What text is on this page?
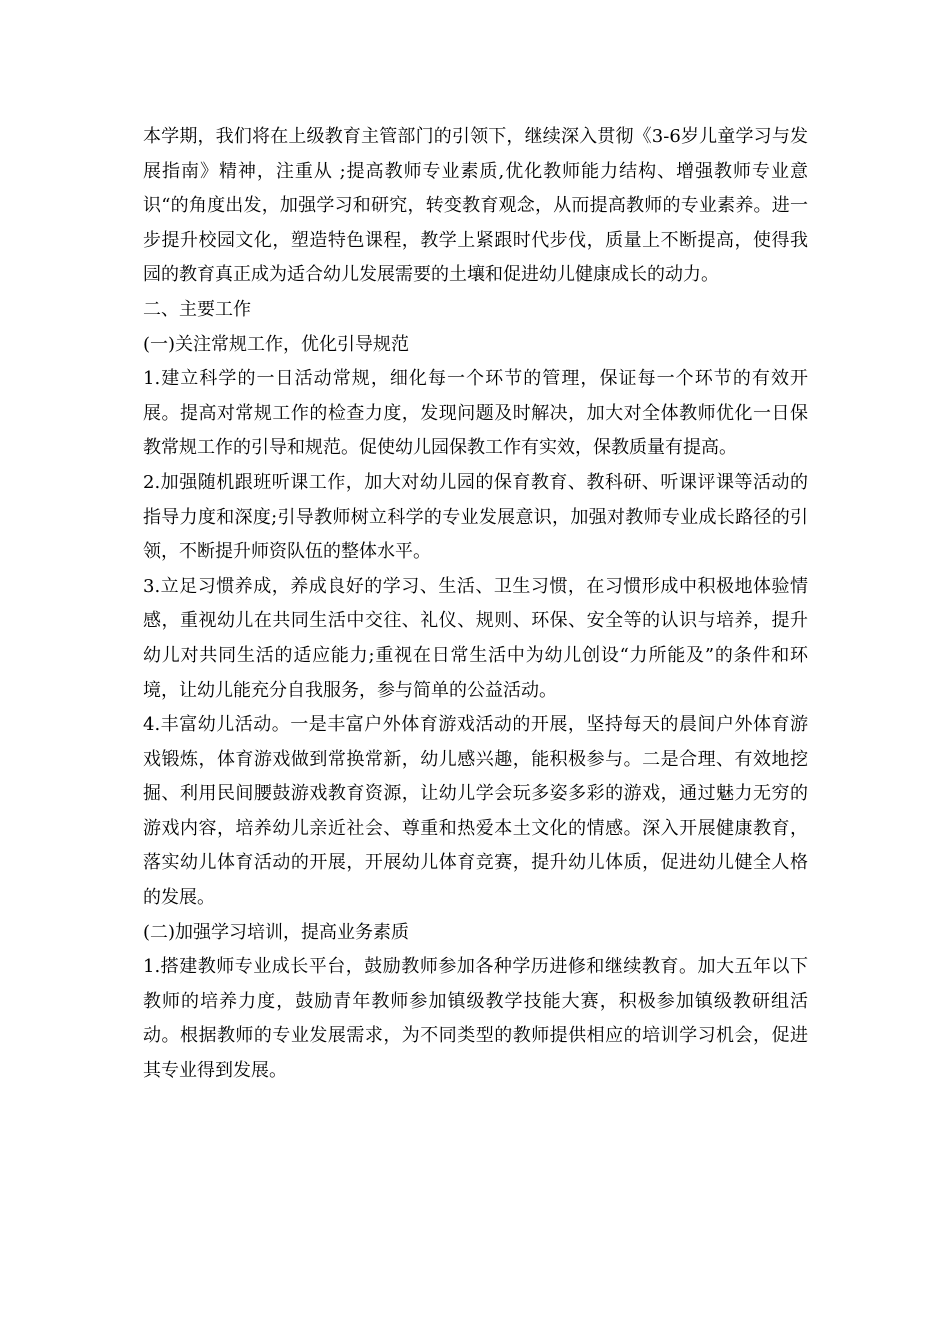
本学期，我们将在上级教育主管部门的引领下，继续深入贯彻《3-6岁儿童学习与发展指南》精神，注重从 ;提高教师专业素质,优化教师能力结构、增强教师专业意识“的角度出发，加强学习和研究，转变教育观念，从而提高教师的专业素养。进一步提升校园文化，塑造特色课程，教学上紧跟时代步伐，质量上不断提高，使得我园的教育真正成为适合幼儿发展需要的土壤和促进幼儿健康成长的动力。

二、主要工作

(一)关注常规工作，优化引导规范

1.建立科学的一日活动常规，细化每一个环节的管理，保证每一个环节的有效开展。提高对常规工作的检查力度，发现问题及时解决，加大对全体教师优化一日保教常规工作的引导和规范。促使幼儿园保教工作有实效，保教质量有提高。

2.加强随机跟班听课工作，加大对幼儿园的保育教育、教科研、听课评课等活动的指导力度和深度;引导教师树立科学的专业发展意识，加强对教师专业成长路径的引领，不断提升师资队伍的整体水平。

3.立足习惯养成，养成良好的学习、生活、卫生习惯，在习惯形成中积极地体验情感，重视幼儿在共同生活中交往、礼仪、规则、环保、安全等的认识与培养，提升幼儿对共同生活的适应能力;重视在日常生活中为幼儿创设“力所能及”的条件和环境，让幼儿能充分自我服务，参与简单的公益活动。

4.丰富幼儿活动。一是丰富户外体育游戏活动的开展，坚持每天的晨间户外体育游戏锻炼，体育游戏做到常换常新，幼儿感兴趣，能积极参与。二是合理、有效地挖掘、利用民间腰鼓游戏教育资源，让幼儿学会玩多姿多彩的游戏，通过魅力无穷的游戏内容，培养幼儿亲近社会、尊重和热爱本土文化的情感。深入开展健康教育，落实幼儿体育活动的开展，开展幼儿体育竞赛，提升幼儿体质，促进幼儿健全人格的发展。

(二)加强学习培训，提高业务素质

1.搭建教师专业成长平台，鼓励教师参加各种学历进修和继续教育。加大五年以下教师的培养力度，鼓励青年教师参加镇级教学技能大赛，积极参加镇级教研组活动。根据教师的专业发展需求，为不同类型的教师提供相应的培训学习机会，促进其专业得到发展。
